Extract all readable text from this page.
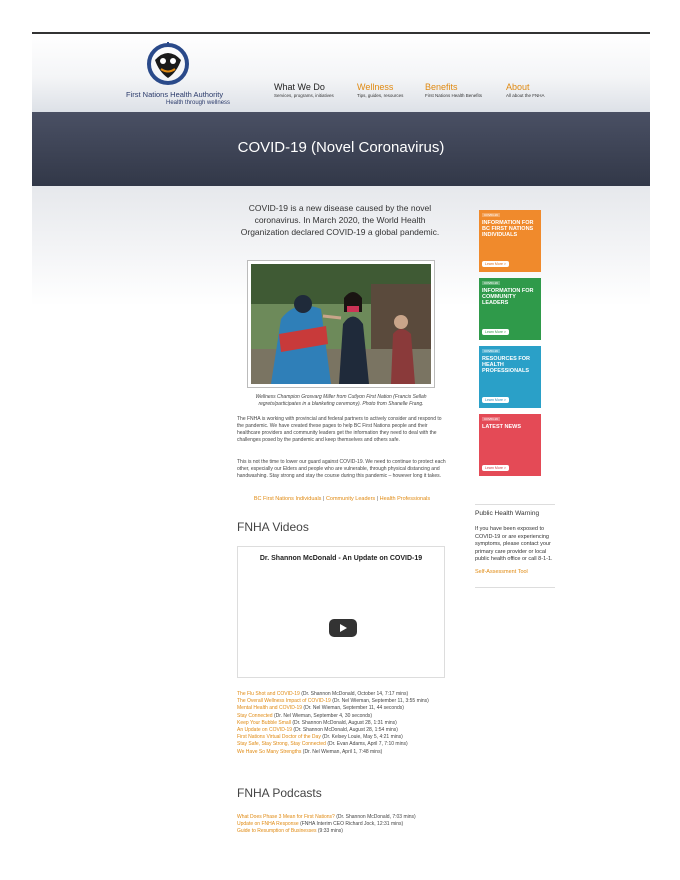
First Nations Health Authority
Health through wellness
What We Do
Services, programs, initiatives
Wellness
Tips, guides, resources
Benefits
First Nations Health Benefits
About
All about the FNHA
COVID-19 (Novel Coronavirus)
COVID-19 is a new disease caused by the novel coronavirus. In March 2020, the World Health Organization declared COVID-19 a global pandemic.
Wellness Champion Grosvarg Miller from Cutlyon First Nation (Francis Sellah regrets/participates in a blanketing ceremony). Photo from Shanelle Frang.
The FNHA is working with provincial and federal partners to actively consider and respond to the pandemic. We have created these pages to help BC First Nations people and their healthcare providers and community leaders get the information they need to deal with the challenges posed by the pandemic and keep themselves and others safe.
This is not the time to lower our guard against COVID-19. We need to continue to protect each other, especially our Elders and people who are vulnerable, through physical distancing and handwashing. Stay strong and stay the course during this pandemic – however long it takes.
BC First Nations Individuals | Community Leaders | Health Professionals
FNHA Videos
Dr. Shannon McDonald - An Update on COVID-19
The Flu Shot and COVID-19 (Dr. Shannon McDonald, October 14, 7:17 mins)
The Overall Wellness Impact of COVID-19 (Dr. Nel Wieman, September 11, 3:55 mins)
Mental Health and COVID-19 (Dr. Nel Wieman, September 11, 44 seconds)
Stay Connected (Dr. Nel Wieman, September 4, 30 seconds)
Keep Your Bubble Small (Dr. Shannon McDonald, August 28, 1:31 mins)
An Update on COVID-19 (Dr. Shannon McDonald, August 28, 1:54 mins)
First Nations Virtual Doctor of the Day (Dr. Kelsey Louie, May 5, 4:21 mins)
Stay Safe, Stay Strong, Stay Connected (Dr. Evan Adams, April 7, 7:10 mins)
We Have So Many Strengths (Dr. Nel Wieman, April 1, 7:48 mins)
FNHA Podcasts
What Does Phase 3 Mean for First Nations? (Dr. Shannon McDonald, 7:03 mins)
Update on FNHA Response (FNHA Interim CEO Richard Jock, 12:31 mins)
Guide to Resumption of Businesses (9:33 mins)
COVID-19
INFORMATION FOR BC FIRST NATIONS INDIVIDUALS
Learn More >
COVID-19
INFORMATION FOR COMMUNITY LEADERS
Learn More >
COVID-19
RESOURCES FOR HEALTH PROFESSIONALS
Learn More >
COVID-19
LATEST NEWS
Learn More >
Public Health Warning
If you have been exposed to COVID-19 or are experiencing symptoms, please contact your primary care provider or local public health office or call 8-1-1.
Self-Assessment Tool
